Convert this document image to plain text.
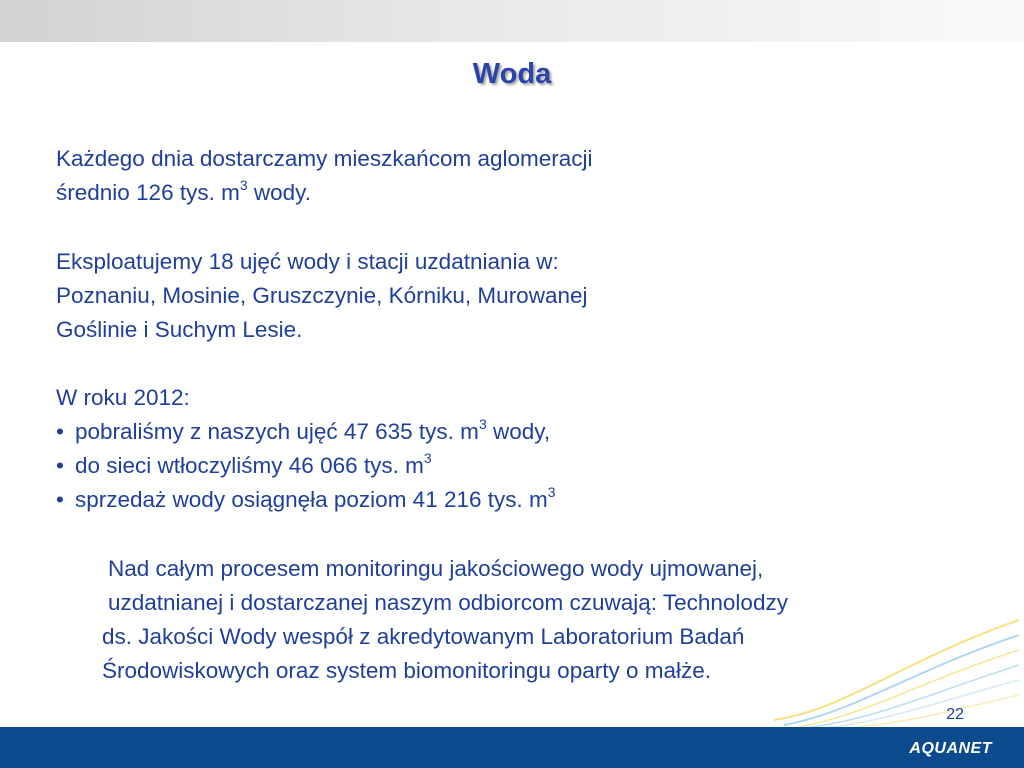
Woda
Każdego dnia dostarczamy mieszkańcom aglomeracji
średnio 126 tys. $m^3$ wody.
Eksploatujemy 18 ujęć wody i stacji uzdatniania w:
Poznaniu, Mosinie, Gruszczynie, Kórniku, Murowanej
Goślinie i Suchym Lesie.
W roku 2012:
• pobraliśmy z naszych ujęć 47 635 tys. $m^3$ wody,
• do sieci wtłoczyliśmy 46 066 tys. $m^3$
• sprzedaż wody osiągnęła poziom 41 216 tys. $m^3$
Nad całym procesem monitoringu jakościowego wody ujmowanej,
uzdatnianej i dostarczanej naszym odbiorcom czuwają: Technolodzy
ds. Jakości Wody wespół z akredytowanym Laboratorium Badań
Środowiskowych oraz system biomonitoringu oparty o małże.
22
AQUANET
